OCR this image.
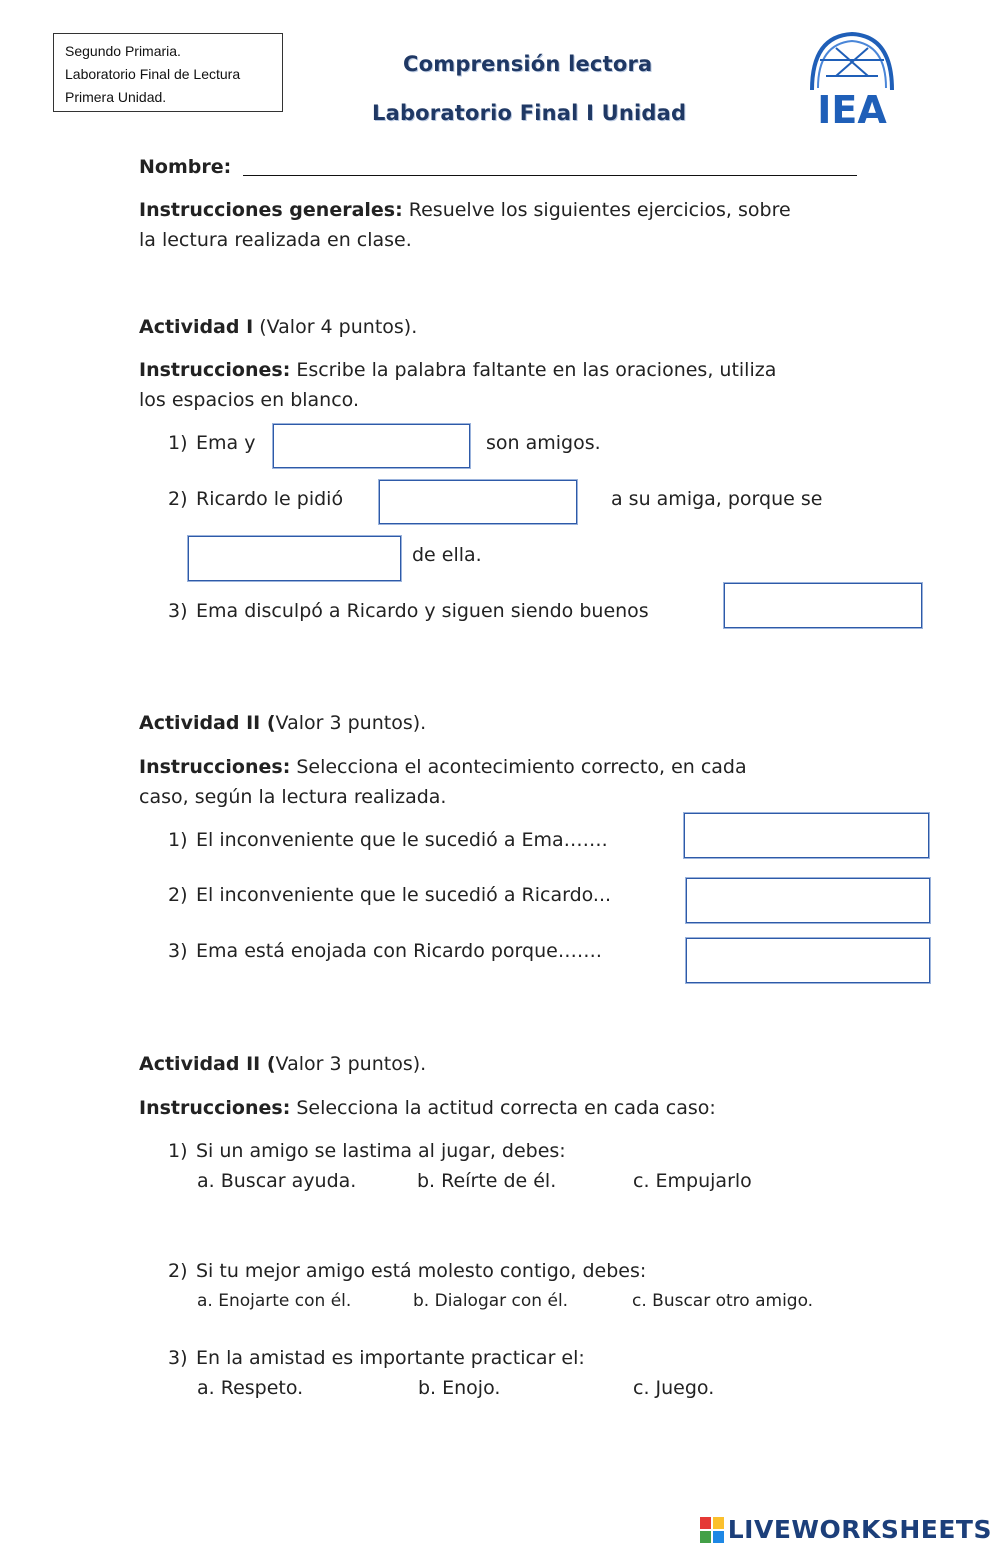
Segundo Primaria.
Laboratorio Final de Lectura
Primera Unidad.
Comprensión lectora
Laboratorio Final I Unidad	IEA
Nombre:
Instrucciones generales: Resuelve los siguientes ejercicios, sobre
la lectura realizada en clase.
Actividad I (Valor 4 puntos).
Instrucciones: Escribe la palabra faltante en las oraciones, utiliza
los espacios en blanco.
1) Ema y	son amigos.
2) Ricardo le pidió	a su amiga, porque se
de ella.
3) Ema disculpó a Ricardo y siguen siendo buenos
Actividad II (Valor 3 puntos).
Instrucciones: Selecciona el acontecimiento correcto, en cada
caso, según la lectura realizada.
1) El inconveniente que le sucedió a Ema…….
2) El inconveniente que le sucedió a Ricardo...
3) Ema está enojada con Ricardo porque…….
Actividad II (Valor 3 puntos).
Instrucciones: Selecciona la actitud correcta en cada caso:
1) Si un amigo se lastima al jugar, debes:
a. Buscar ayuda.	b. Reírte de él.	c. Empujarlo
2) Si tu mejor amigo está molesto contigo, debes:
a. Enojarte con él.	b. Dialogar con él.	c. Buscar otro amigo.
3) En la amistad es importante practicar el:
a. Respeto.	b. Enojo.	c. Juego.
LIVEWORKSHEETS
